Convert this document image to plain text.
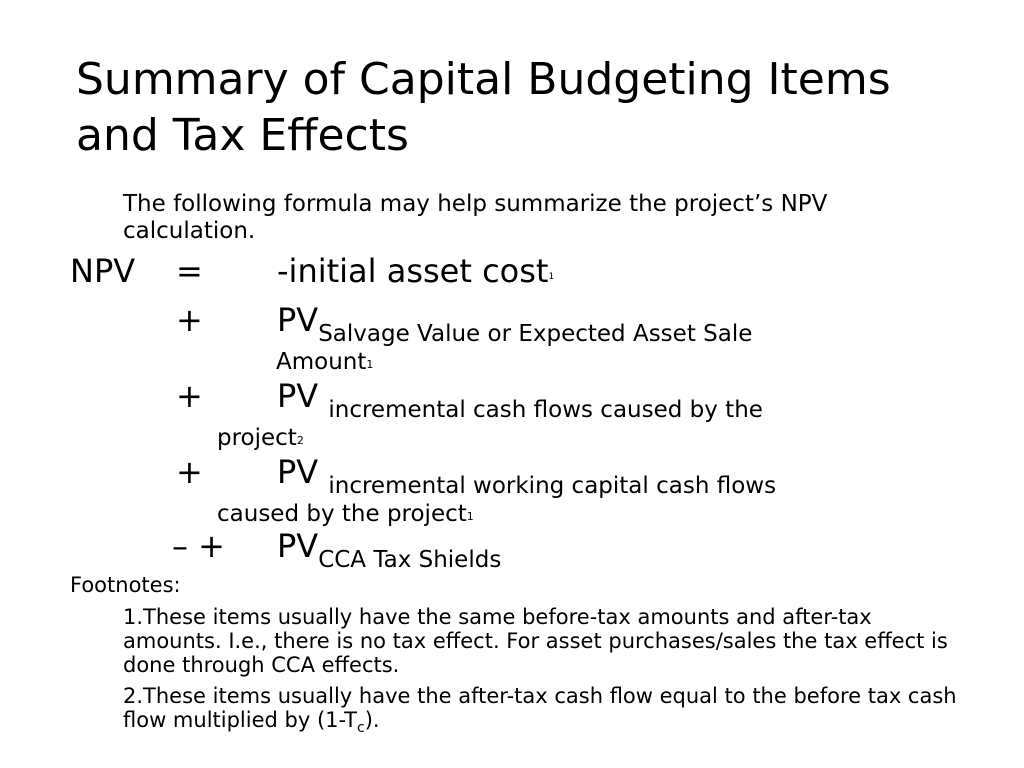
Summary of Capital Budgeting Items and Tax Effects
The following formula may help summarize the project’s NPV calculation.
NPV = -initial asset cost$^1$
+ $PV_{Salvage Value or Expected Asset Sale}$
Amount$^1$
+ PV $_{incremental cash flows caused by the}$
project$^2$
+ PV $_{incremental working capital cash flows}$
caused by the project$^1$
– + $PV_{CCA Tax Shields}$
Footnotes:
1.These items usually have the same before-tax amounts and after-tax amounts. I.e., there is no tax effect. For asset purchases/sales the tax effect is done through CCA effects.
2.These items usually have the after-tax cash flow equal to the before tax cash flow multiplied by $(1-T_c)$.
